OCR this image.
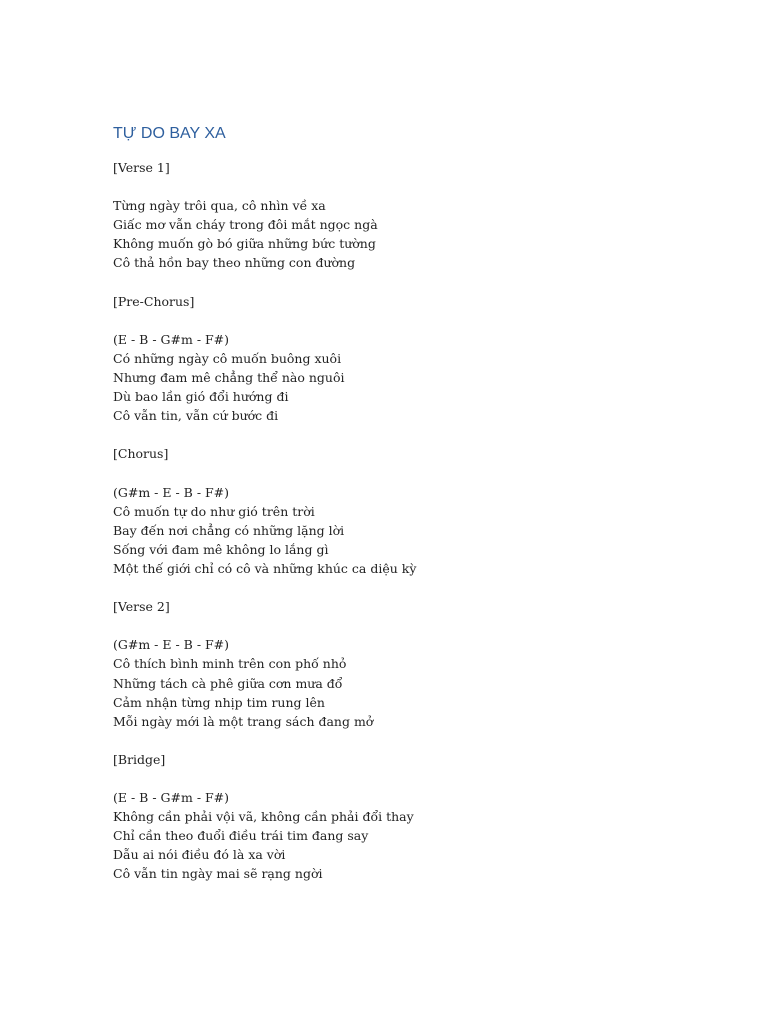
TỰ DO BAY XA
[Verse 1]
Từng ngày trôi qua, cô nhìn về xa
Giấc mơ vẫn cháy trong đôi mắt ngọc ngà
Không muốn gò bó giữa những bức tường
Cô thả hồn bay theo những con đường
[Pre-Chorus]
(E - B - G#m - F#)
Có những ngày cô muốn buông xuôi
Nhưng đam mê chẳng thể nào nguôi
Dù bao lần gió đổi hướng đi
Cô vẫn tin, vẫn cứ bước đi
[Chorus]
(G#m - E - B - F#)
Cô muốn tự do như gió trên trời
Bay đến nơi chẳng có những lặng lời
Sống với đam mê không lo lắng gì
Một thế giới chỉ có cô và những khúc ca diệu kỳ
[Verse 2]
(G#m - E - B - F#)
Cô thích bình minh trên con phố nhỏ
Những tách cà phê giữa cơn mưa đổ
Cảm nhận từng nhịp tim rung lên
Mỗi ngày mới là một trang sách đang mở
[Bridge]
(E - B - G#m - F#)
Không cần phải vội vã, không cần phải đổi thay
Chỉ cần theo đuổi điều trái tim đang say
Dẫu ai nói điều đó là xa vời
Cô vẫn tin ngày mai sẽ rạng ngời
